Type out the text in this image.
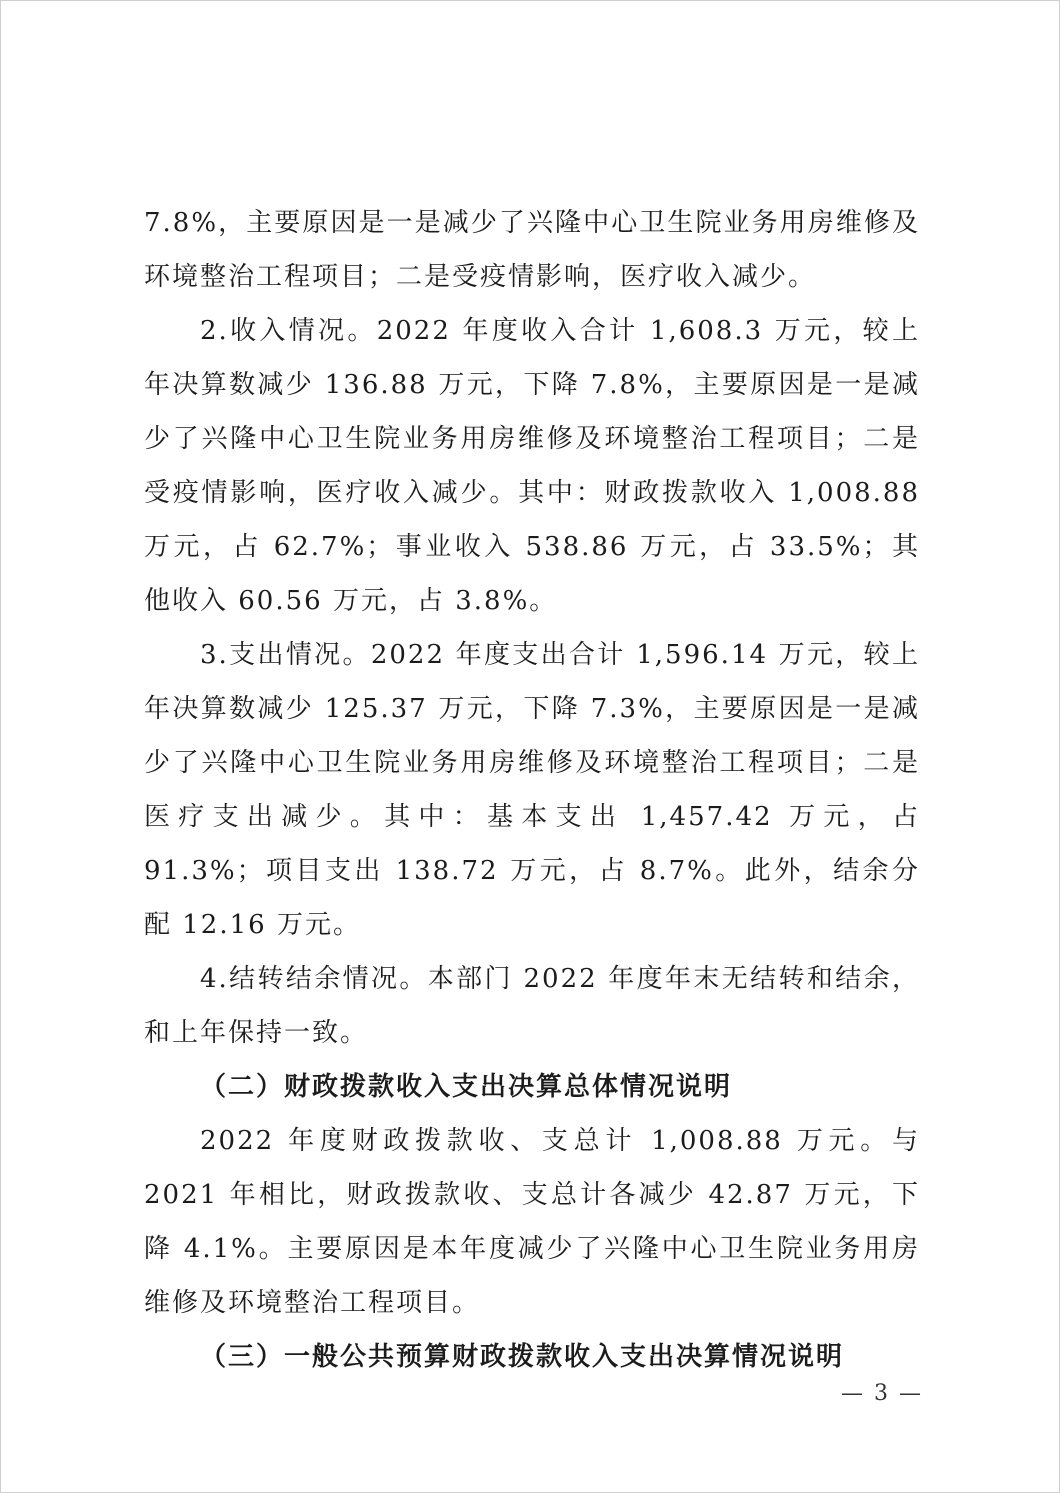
7.8%，主要原因是一是减少了兴隆中心卫生院业务用房维修及环境整治工程项目；二是受疫情影响，医疗收入减少。

2.收入情况。2022 年度收入合计 1,608.3 万元，较上年决算数减少 136.88 万元，下降 7.8%，主要原因是一是减少了兴隆中心卫生院业务用房维修及环境整治工程项目；二是受疫情影响，医疗收入减少。其中：财政拨款收入 1,008.88 万元，占 62.7%；事业收入 538.86 万元，占 33.5%；其他收入 60.56 万元，占 3.8%。

3.支出情况。2022 年度支出合计 1,596.14 万元，较上年决算数减少 125.37 万元，下降 7.3%，主要原因是一是减少了兴隆中心卫生院业务用房维修及环境整治工程项目；二是医疗支出减少。其中：基本支出 1,457.42 万元，占 91.3%；项目支出 138.72 万元，占 8.7%。此外，结余分配 12.16 万元。

4.结转结余情况。本部门 2022 年度年末无结转和结余，和上年保持一致。

（二）财政拨款收入支出决算总体情况说明

2022 年度财政拨款收、支总计 1,008.88 万元。与 2021 年相比，财政拨款收、支总计各减少 42.87 万元，下降 4.1%。主要原因是本年度减少了兴隆中心卫生院业务用房维修及环境整治工程项目。

（三）一般公共预算财政拨款收入支出决算情况说明

— 3 —
